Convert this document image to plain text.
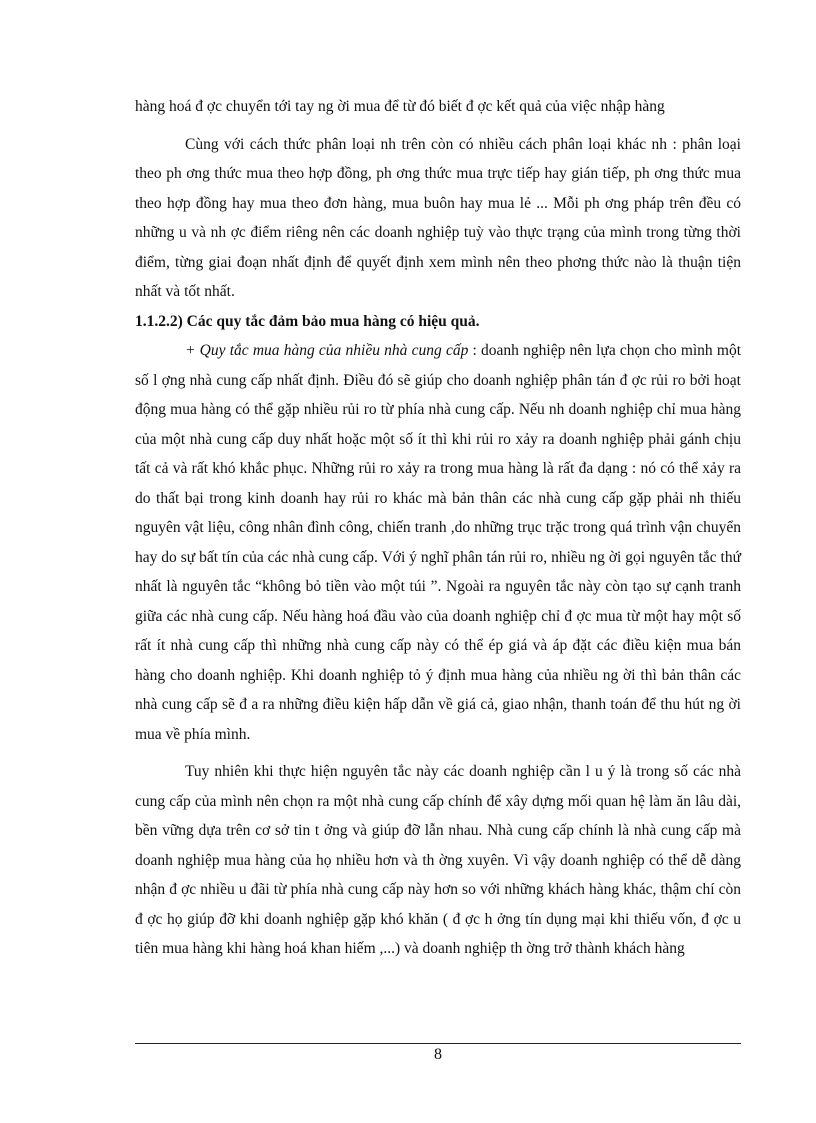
hàng hoá đ ợc chuyển tới tay ng ời mua để từ đó biết đ ợc kết quả của việc nhập hàng

Cùng với cách thức phân loại nh trên còn có nhiều cách phân loại khác nh : phân loại theo ph ơng thức mua theo hợp đồng, ph ơng thức mua trực tiếp hay gián tiếp, ph ơng thức mua theo hợp đồng hay mua theo đơn hàng, mua buôn hay mua lẻ ... Mỗi ph ơng pháp trên đều có những u và nh ợc điểm riêng nên các doanh nghiệp tuỳ vào thực trạng của mình trong từng thời điểm, từng giai đoạn nhất định để quyết định xem mình nên theo phơng thức nào là thuận tiện nhất và tốt nhất.

1.1.2.2) Các quy tắc đảm bảo mua hàng có hiệu quả.

+ Quy tắc mua hàng của nhiều nhà cung cấp : doanh nghiệp nên lựa chọn cho mình một số l ợng nhà cung cấp nhất định. Điều đó sẽ giúp cho doanh nghiệp phân tán đ ợc rủi ro bởi hoạt động mua hàng có thể gặp nhiều rủi ro từ phía nhà cung cấp. Nếu nh doanh nghiệp chỉ mua hàng của một nhà cung cấp duy nhất hoặc một số ít thì khi rủi ro xảy ra doanh nghiệp phải gánh chịu tất cả và rất khó khắc phục. Những rủi ro xảy ra trong mua hàng là rất đa dạng : nó có thể xảy ra do thất bại trong kinh doanh hay rủi ro khác mà bản thân các nhà cung cấp gặp phải nh thiếu nguyên vật liệu, công nhân đình công, chiến tranh ,do những trục trặc trong quá trình vận chuyển hay do sự bất tín của các nhà cung cấp. Với ý nghĩ phân tán rủi ro, nhiều ng ời gọi nguyên tắc thứ nhất là nguyên tắc “không bỏ tiền vào một túi ”. Ngoài ra nguyên tắc này còn tạo sự cạnh tranh giữa các nhà cung cấp. Nếu hàng hoá đầu vào của doanh nghiệp chỉ đ ợc mua từ một hay một số rất ít nhà cung cấp thì những nhà cung cấp này có thể ép giá và áp đặt các điều kiện mua bán hàng cho doanh nghiệp. Khi doanh nghiệp tỏ ý định mua hàng của nhiều ng ời thì bản thân các nhà cung cấp sẽ đ a ra những điều kiện hấp dẫn về giá cả, giao nhận, thanh toán để thu hút ng ời mua về phía mình.

Tuy nhiên khi thực hiện nguyên tắc này các doanh nghiệp cần l u ý là trong số các nhà cung cấp của mình nên chọn ra một nhà cung cấp chính để xây dựng mối quan hệ làm ăn lâu dài, bền vững dựa trên cơ sở tin t ởng và giúp đỡ lẫn nhau. Nhà cung cấp chính là nhà cung cấp mà doanh nghiệp mua hàng của họ nhiều hơn và th ờng xuyên. Vì vậy doanh nghiệp có thể dễ dàng nhận đ ợc nhiều u đãi từ phía nhà cung cấp này hơn so với những khách hàng khác, thậm chí còn đ ợc họ giúp đỡ khi doanh nghiệp gặp khó khăn ( đ ợc h ởng tín dụng mại khi thiếu vốn, đ ợc u tiên mua hàng khi hàng hoá khan hiếm ,...) và doanh nghiệp th ờng trở thành khách hàng

8
